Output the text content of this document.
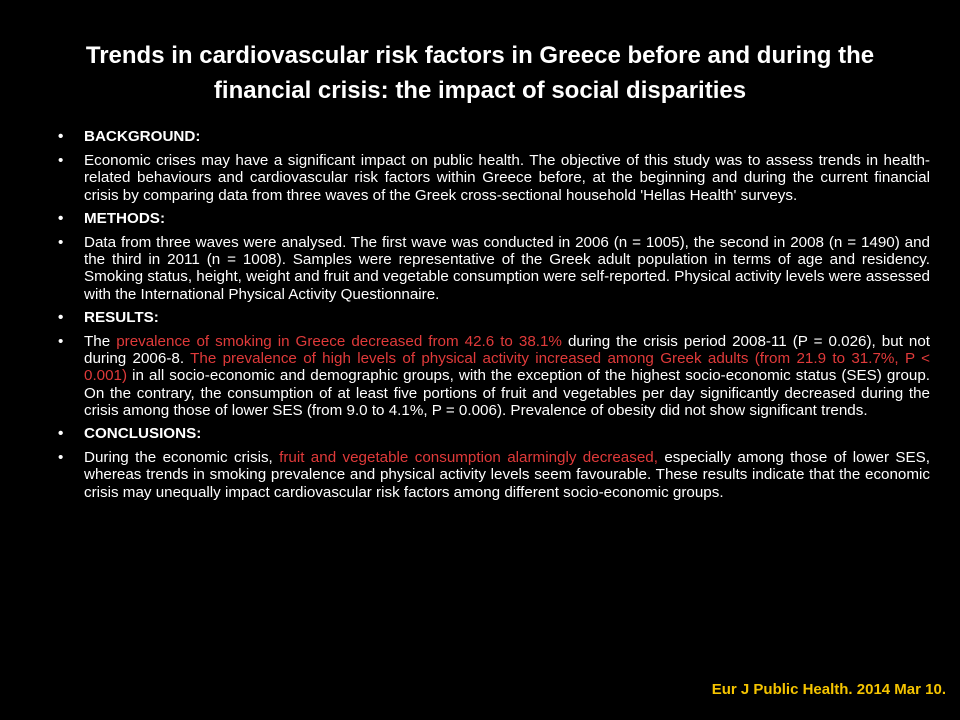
Trends in cardiovascular risk factors in Greece before and during the financial crisis: the impact of social disparities
• BACKGROUND:
• Economic crises may have a significant impact on public health. The objective of this study was to assess trends in health-related behaviours and cardiovascular risk factors within Greece before, at the beginning and during the current financial crisis by comparing data from three waves of the Greek cross-sectional household 'Hellas Health' surveys.
• METHODS:
• Data from three waves were analysed. The first wave was conducted in 2006 (n = 1005), the second in 2008 (n = 1490) and the third in 2011 (n = 1008). Samples were representative of the Greek adult population in terms of age and residency. Smoking status, height, weight and fruit and vegetable consumption were self-reported. Physical activity levels were assessed with the International Physical Activity Questionnaire.
• RESULTS:
• The prevalence of smoking in Greece decreased from 42.6 to 38.1% during the crisis period 2008-11 (P = 0.026), but not during 2006-8. The prevalence of high levels of physical activity increased among Greek adults (from 21.9 to 31.7%, P < 0.001) in all socio-economic and demographic groups, with the exception of the highest socio-economic status (SES) group. On the contrary, the consumption of at least five portions of fruit and vegetables per day significantly decreased during the crisis among those of lower SES (from 9.0 to 4.1%, P = 0.006). Prevalence of obesity did not show significant trends.
• CONCLUSIONS:
• During the economic crisis, fruit and vegetable consumption alarmingly decreased, especially among those of lower SES, whereas trends in smoking prevalence and physical activity levels seem favourable. These results indicate that the economic crisis may unequally impact cardiovascular risk factors among different socio-economic groups.
Eur J Public Health. 2014 Mar 10.
